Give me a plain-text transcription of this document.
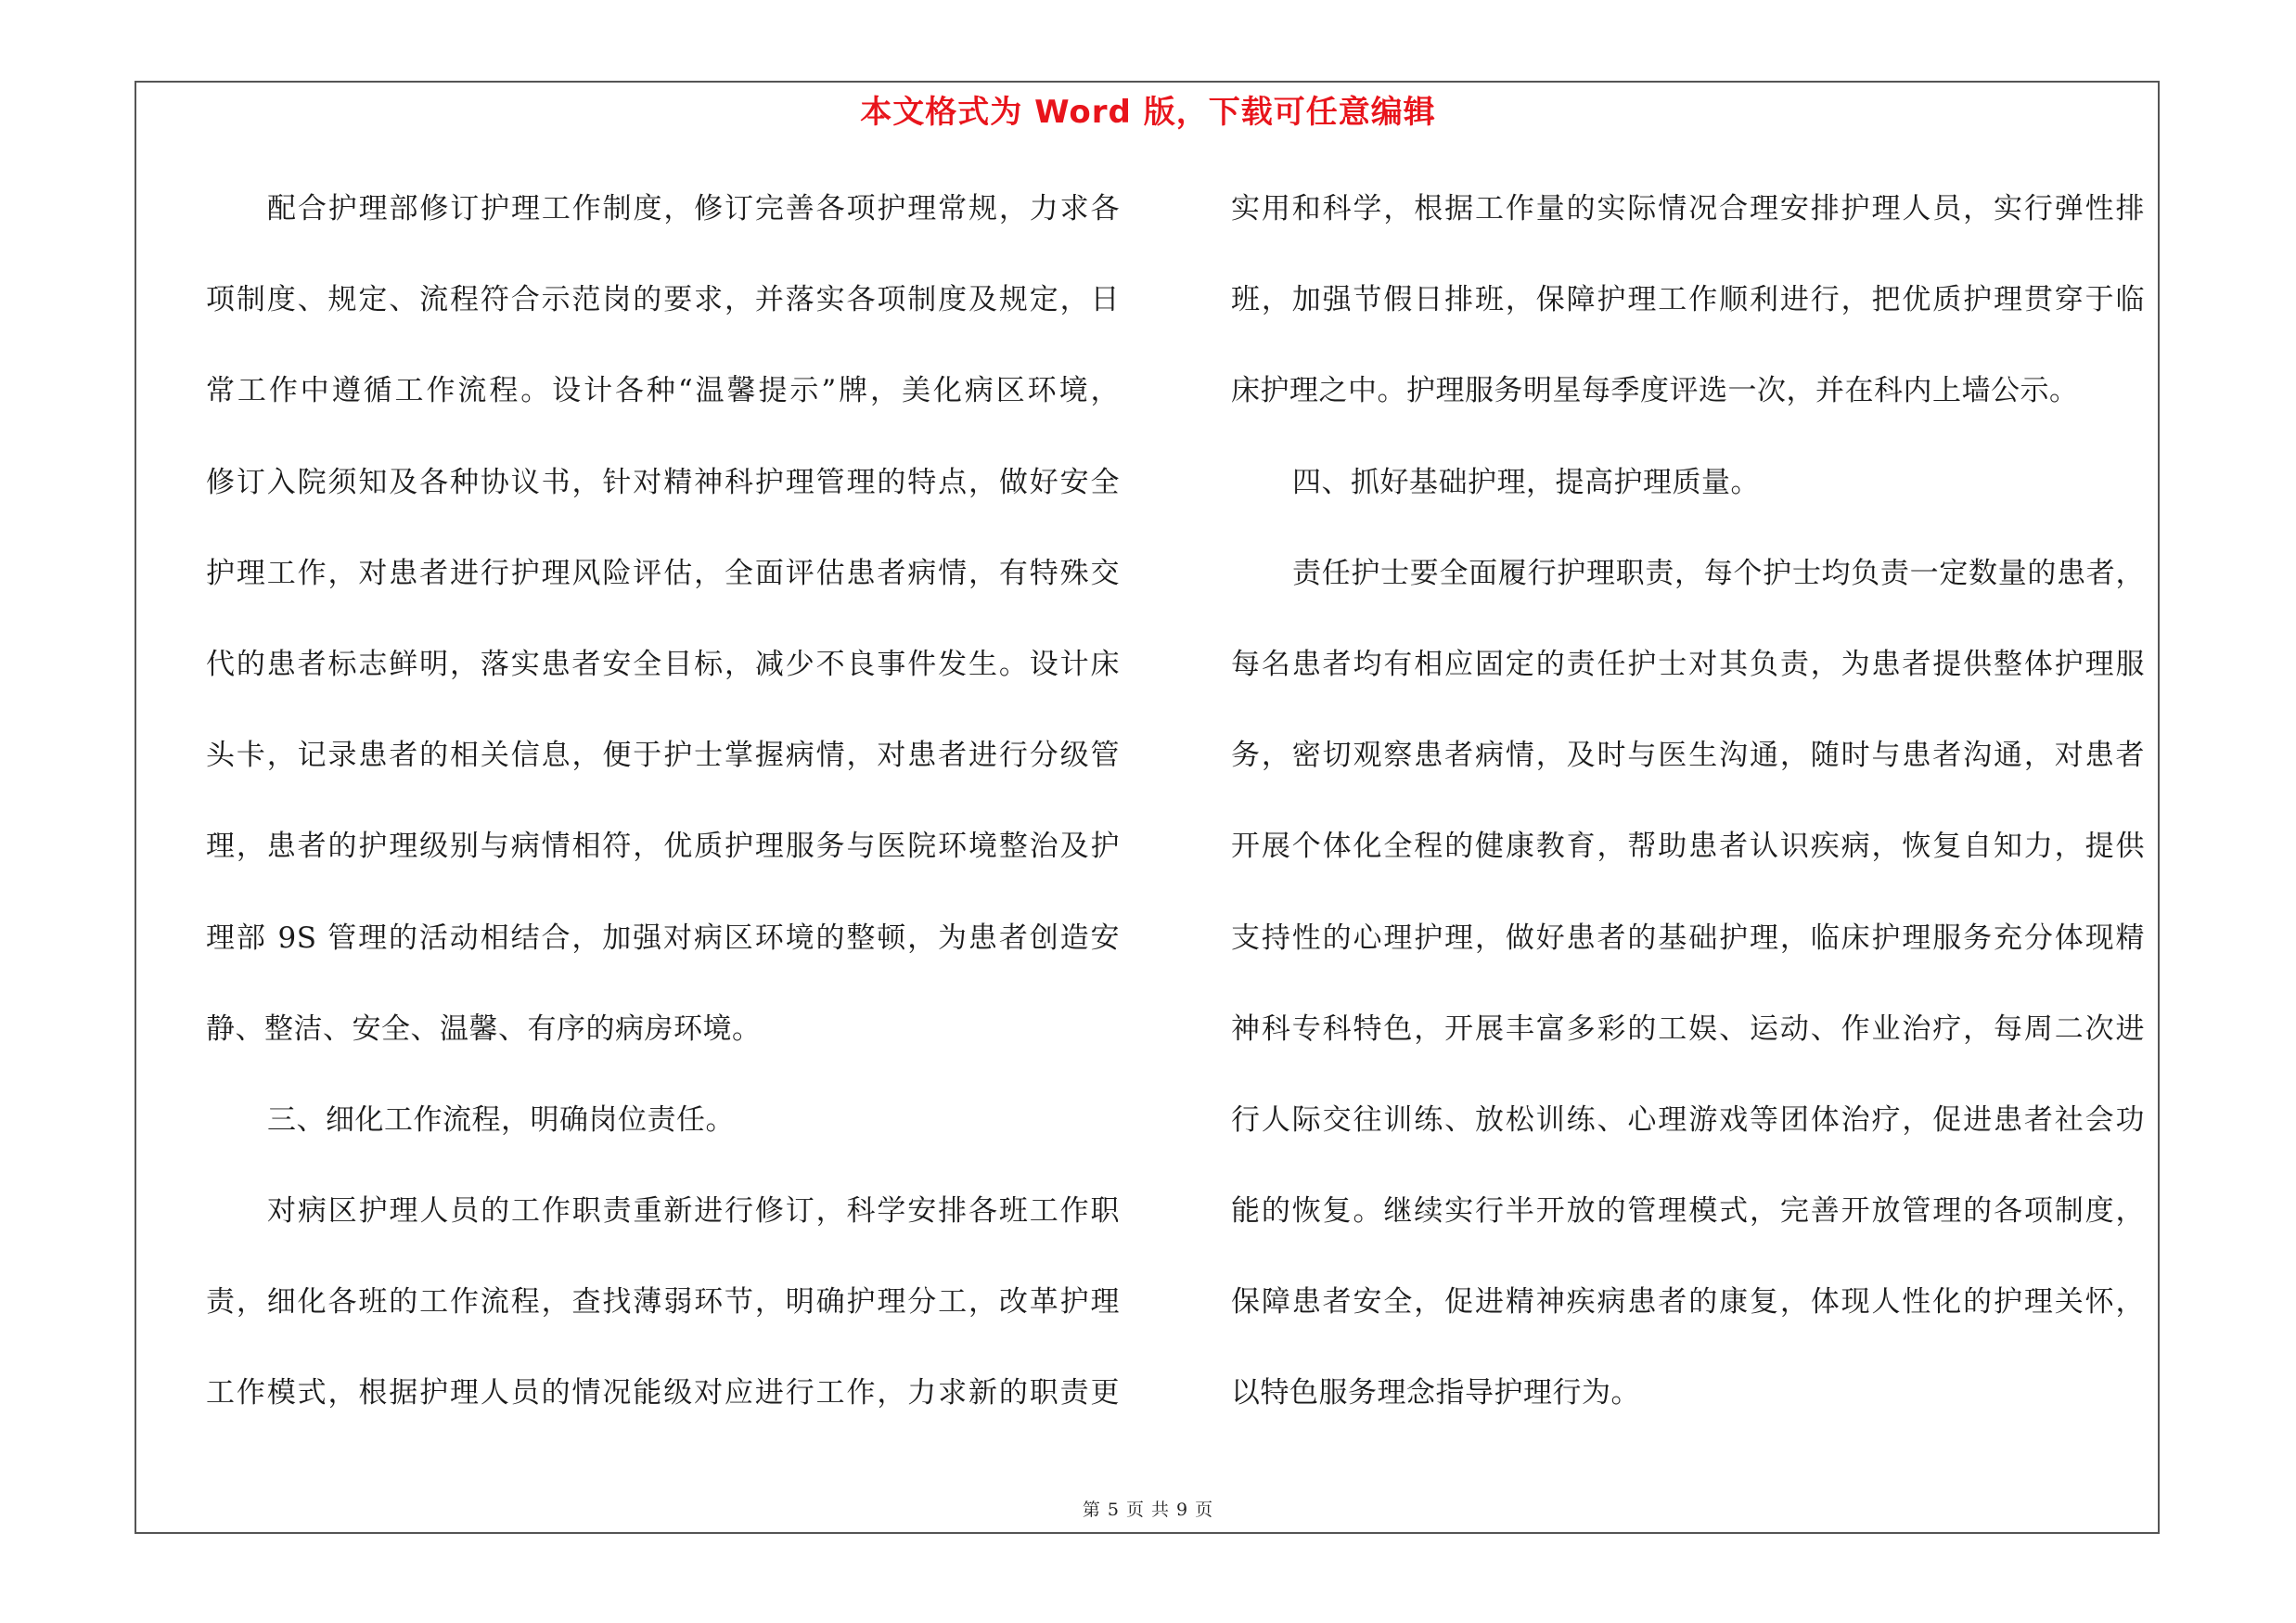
本文格式为 Word 版，下载可任意编辑
配合护理部修订护理工作制度，修订完善各项护理常规，力求各
项制度、规定、流程符合示范岗的要求，并落实各项制度及规定，日
常工作中遵循工作流程。设计各种“温馨提示”牌，美化病区环境，
修订入院须知及各种协议书，针对精神科护理管理的特点，做好安全
护理工作，对患者进行护理风险评估，全面评估患者病情，有特殊交
代的患者标志鲜明，落实患者安全目标，减少不良事件发生。设计床
头卡，记录患者的相关信息，便于护士掌握病情，对患者进行分级管
理，患者的护理级别与病情相符，优质护理服务与医院环境整治及护
理部 9S 管理的活动相结合，加强对病区环境的整顿，为患者创造安
静、整洁、安全、温馨、有序的病房环境。
三、细化工作流程，明确岗位责任。
对病区护理人员的工作职责重新进行修订，科学安排各班工作职
责，细化各班的工作流程，查找薄弱环节，明确护理分工，改革护理
工作模式，根据护理人员的情况能级对应进行工作，力求新的职责更
实用和科学，根据工作量的实际情况合理安排护理人员，实行弹性排
班，加强节假日排班，保障护理工作顺利进行，把优质护理贯穿于临
床护理之中。护理服务明星每季度评选一次，并在科内上墙公示。
四、抓好基础护理，提高护理质量。
责任护士要全面履行护理职责，每个护士均负责一定数量的患者，
每名患者均有相应固定的责任护士对其负责，为患者提供整体护理服
务，密切观察患者病情，及时与医生沟通，随时与患者沟通，对患者
开展个体化全程的健康教育，帮助患者认识疾病，恢复自知力，提供
支持性的心理护理，做好患者的基础护理，临床护理服务充分体现精
神科专科特色，开展丰富多彩的工娱、运动、作业治疗，每周二次进
行人际交往训练、放松训练、心理游戏等团体治疗，促进患者社会功
能的恢复。继续实行半开放的管理模式，完善开放管理的各项制度，
保障患者安全，促进精神疾病患者的康复，体现人性化的护理关怀，
以特色服务理念指导护理行为。
第 5 页 共 9 页
